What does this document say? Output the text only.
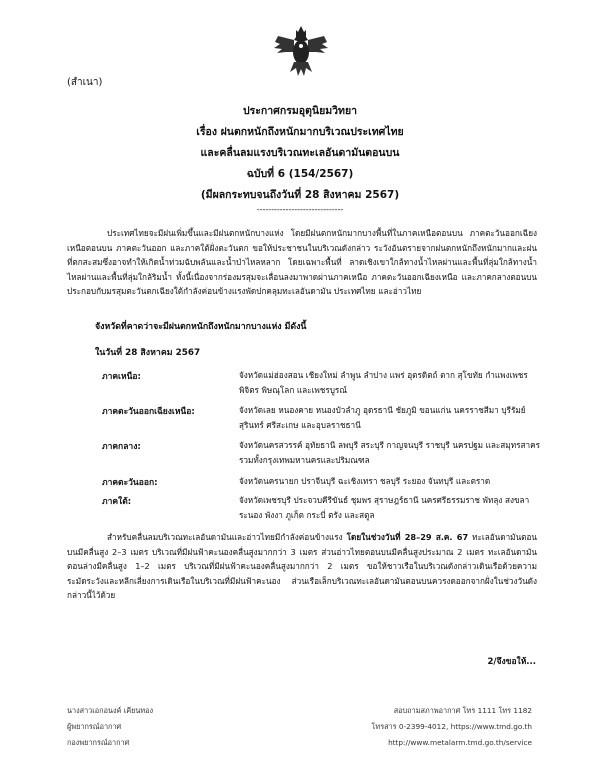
(สำเนา)
ประกาศกรมอุตุนิยมวิทยา
เรื่อง ฝนตกหนักถึงหนักมากบริเวณประเทศไทย
และคลื่นลมแรงบริเวณทะเลอันดามันตอนบน
ฉบับที่ 6 (154/2567)
(มีผลกระทบจนถึงวันที่ 28 สิงหาคม 2567)
------------------------------
ประเทศไทยจะมีฝนเพิ่มขึ้นและมีฝนตกหนักบางแห่ง โดยมีฝนตกหนักมากบางพื้นที่ในภาคเหนือตอนบน ภาคตะวันออกเฉียงเหนือตอนบน ภาคตะวันออก และภาคใต้ฝั่งตะวันตก ขอให้ประชาชนในบริเวณดังกล่าว ระวังอันตรายจากฝนตกหนักถึงหนักมากและฝนที่ตกสะสมซึ่งอาจทำให้เกิดน้ำท่วมฉับพลันและน้ำป่าไหลหลาก โดยเฉพาะพื้นที่ ลาดเชิงเขาใกล้ทางน้ำไหลผ่านและพื้นที่ลุ่มใกล้ทางน้ำไหลผ่านและพื้นที่ลุ่มใกล้ริมน้ำ ทั้งนี้เนื่องจากร่องมรสุมจะเลื่อนลงมาพาดผ่านภาคเหนือ ภาคตะวันออกเฉียงเหนือ และภาคกลางตอนบน ประกอบกับมรสุมตะวันตกเฉียงใต้กำลังค่อนข้างแรงพัดปกคลุมทะเลอันดามัน ประเทศไทย และอ่าวไทย
จังหวัดที่คาดว่าจะมีฝนตกหนักถึงหนักมากบางแห่ง มีดังนี้
ในวันที่ 28 สิงหาคม 2567
ภาคเหนือ:	จังหวัดแม่ฮ่องสอน เชียงใหม่ ลำพูน ลำปาง แพร่ อุตรดิตถ์ ตาก สุโขทัย กำแพงเพชร พิจิตร พิษณุโลก และเพชรบูรณ์
ภาคตะวันออกเฉียงเหนือ:	จังหวัดเลย หนองคาย หนองบัวลำภู อุดรธานี ชัยภูมิ ขอนแก่น นครราชสีมา บุรีรัมย์ สุรินทร์ ศรีสะเกษ และอุบลราชธานี
ภาคกลาง:	จังหวัดนครสวรรค์ อุทัยธานี ลพบุรี สระบุรี กาญจนบุรี ราชบุรี นครปฐม และสมุทรสาคร รวมทั้งกรุงเทพมหานครและปริมณฑล
ภาคตะวันออก:	จังหวัดนครนายก ปราจีนบุรี ฉะเชิงเทรา ชลบุรี ระยอง จันทบุรี และตราด
ภาคใต้:	จังหวัดเพชรบุรี ประจวบคีรีขันธ์ ชุมพร สุราษฎร์ธานี นครศรีธรรมราช พัทลุง สงขลา ระนอง พังงา ภูเก็ต กระบี่ ตรัง และสตูล
สำหรับคลื่นลมบริเวณทะเลอันดามันและอ่าวไทยมีกำลังค่อนข้างแรง โดยในช่วงวันที่ 28–29 ส.ค. 67 ทะเลอันดามันตอนบนมีคลื่นสูง 2–3 เมตร บริเวณที่มีฝนฟ้าคะนองคลื่นสูงมากกว่า 3 เมตร ส่วนอ่าวไทยตอนบนมีคลื่นสูงประมาณ 2 เมตร ทะเลอันดามันตอนล่างมีคลื่นสูง 1–2 เมตร บริเวณที่มีฝนฟ้าคะนองคลื่นสูงมากกว่า 2 เมตร ขอให้ชาวเรือในบริเวณดังกล่าวเดินเรือด้วยความระมัดระวังและหลีกเลี่ยงการเดินเรือในบริเวณที่มีฝนฟ้าคะนอง ส่วนเรือเล็กบริเวณทะเลอันดามันตอนบนควรงดออกจากฝั่งในช่วงวันดังกล่าวนี้ไว้ด้วย
2/จึงขอให้...
นางสาวเอกอนงค์ เคียนทอง
ผู้พยากรณ์อากาศ
กองพยากรณ์อากาศ
สอบถามสภาพอากาศ โทร 1111 โทร 1182
โทรสาร 0-2399-4012, https://www.tmd.go.th
http://www.metalarm.tmd.go.th/service
